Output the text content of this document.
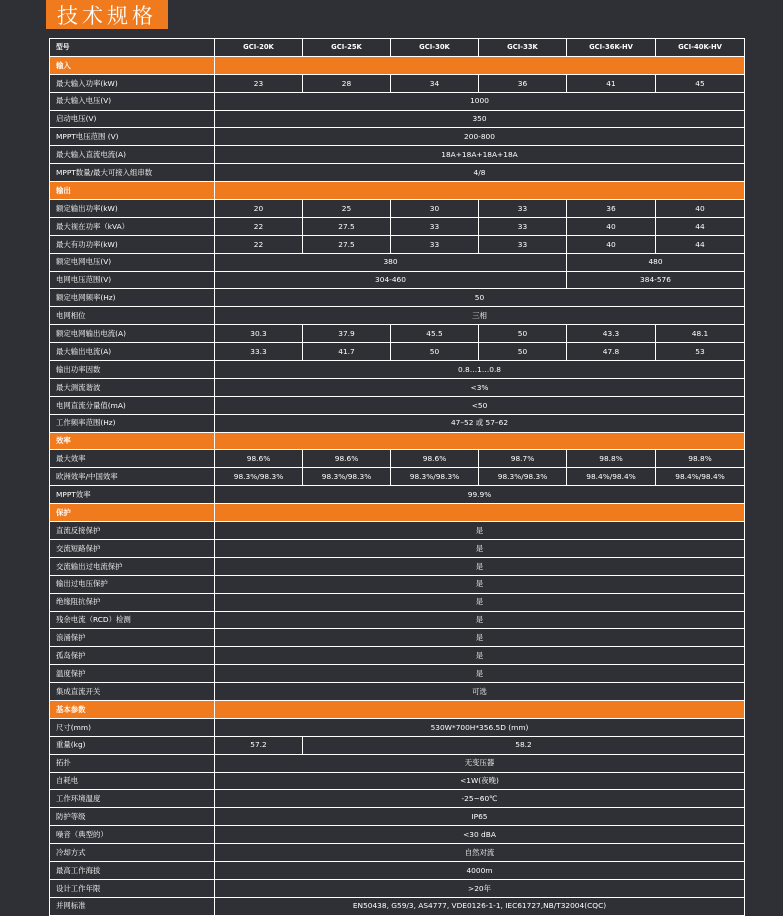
技术规格
型号	GCI-20K	GCI-25K	GCI-30K	GCI-33K	GCI-36K-HV	GCI-40K-HV
输入						
最大输入功率(kW)	23	28	34	36	41	45
最大输入电压(V)	1000					
启动电压(V)	350					
MPPT电压范围 (V)	200-800					
最大输入直流电流(A)	18A+18A+18A+18A					
MPPT数量/最大可接入组串数	4/8					
输出						
额定输出功率(kW)	20	25	30	33	36	40
最大视在功率（kVA）	22	27.5	33	33	40	44
最大有功功率(kW)	22	27.5	33	33	40	44
额定电网电压(V)	380				480	
电网电压范围(V)	304-460				384-576	
额定电网频率(Hz)	50					
电网相位	三相					
额定电网输出电流(A)	30.3	37.9	45.5	50	43.3	48.1
最大输出电流(A)	33.3	41.7	50	50	47.8	53
输出功率因数	0.8…1…0.8					
最大测流谐波	<3%					
电网直流分量值(mA)	<50					
工作频率范围(Hz)	47–52 或 57–62					
效率						
最大效率	98.6%	98.6%	98.6%	98.7%	98.8%	98.8%
欧洲效率/中国效率	98.3%/98.3%	98.3%/98.3%	98.3%/98.3%	98.3%/98.3%	98.4%/98.4%	98.4%/98.4%
MPPT效率	99.9%					
保护						
直流反接保护	是					
交流短路保护	是					
交流输出过电流保护	是					
输出过电压保护	是					
绝缘阻抗保护	是					
残余电流（RCD）检测	是					
浪涌保护	是					
孤岛保护	是					
温度保护	是					
集成直流开关	可选					
基本参数						
尺寸(mm)	530W*700H*356.5D (mm)					
重量(kg)	57.2	58.2				
拓扑	无变压器					
自耗电	<1W(夜晚)					
工作环境温度	-25~60℃					
防护等级	IP65					
噪音（典型的）	<30 dBA					
冷却方式	自然对流					
最高工作海拔	4000m					
设计工作年限	>20年					
并网标准	EN50438, G59/3, AS4777, VDE0126-1-1, IEC61727,NB/T32004(CQC)					
